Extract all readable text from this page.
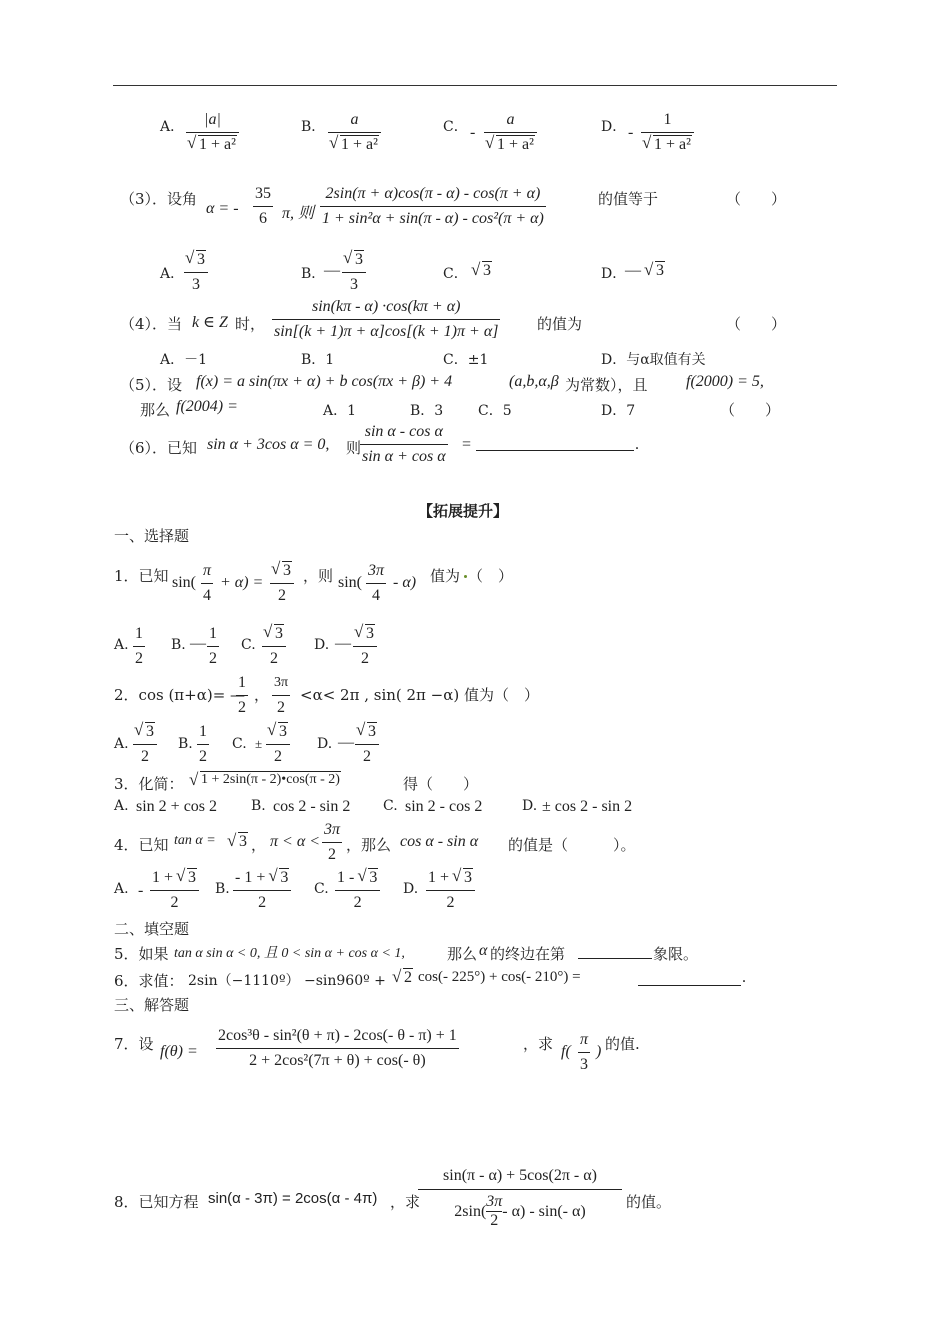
A． |a|
√ 1 + a²
B． a
√ 1 + a²
C． -
a
√ 1 + a²
D． -
1
√ 1 + a²
（3）．设角
α = -
35
6 π, 则
2sin(π + α)cos(π - α) - cos(π + α)
1 + sin²α + sin(π - α) - cos²(π + α)
的值等于	（　　）
A．
√ 3
3
B．
—
√ 3
3
C． √ 3	D．
— √ 3
（4）．当 k ∈ Z 时，
sin(kπ - α) ·cos(kπ + α)
sin[(k + 1)π + α]cos[(k + 1)π + α]	的值为	（　　）
A．－1	B．1	C．±1	D．与α取值有关
（5）．设 f(x) = a sin(πx + α) + b cos(πx + β) + 4	(a,b,α,β 为常数），且 f(2000) = 5,
那么 f(2004) =	A．1	B．3 C．5	D．7	（　　）
（6）．已知 sin α + 3cos α = 0, 则
sin α - cos α
sin α + cos α
=	.
【拓展提升】
一、选择题
1．已知 sin(
π
4
+ α) =
√ 3
2
，则 sin(
3π
4
- α) 值为 （　）
A.
1
2
B. —
1
2
C.
√ 3
2
D. —
√ 3
2
2．cos (π+α)= —
1
2
，
3π
2
<α< 2π , sin( 2π −α) 值为（　）
A.
√ 3
2
B.
1
2
C. ±
√ 3
2
D. —
√ 3
2
3．化简：	√ 1 + 2sin(π - 2)•cos(π - 2)	得（　　）
A. sin 2 + cos 2 B. cos 2 - sin 2 C. sin 2 - cos 2	D. ± cos 2 - sin 2
4．已知 tan α =	√ 3 ， π < α <
3π
2
，那么 cos α - sin α 的值是（　　　）。
A. -
1 + √ 3
2
B.
- 1 + √ 3
2
C.
1 - √ 3
2
D.
1 + √ 3
2
二、填空题
5．如果 tan α sin α < 0, 且 0 < sin α + cos α < 1,	那么 α 的终边在第	象限。
6．求值： 2sin（−1110º） −sin960º +	√ 2 cos(- 225°) + cos(- 210°) =	.
三、解答题
7．设 f(θ) =
2cos³θ - sin²(θ + π) - 2cos(- θ - π) + 1
2 + 2cos²(7π + θ) + cos(- θ)
，求 f(
π
3
) 的值.
8．已知方程 sin(α - 3π) = 2cos(α - 4π) ，求
sin(π - α) + 5cos(2π - α)
2sin(
3π
2
- α) - sin(- α)	的值。
